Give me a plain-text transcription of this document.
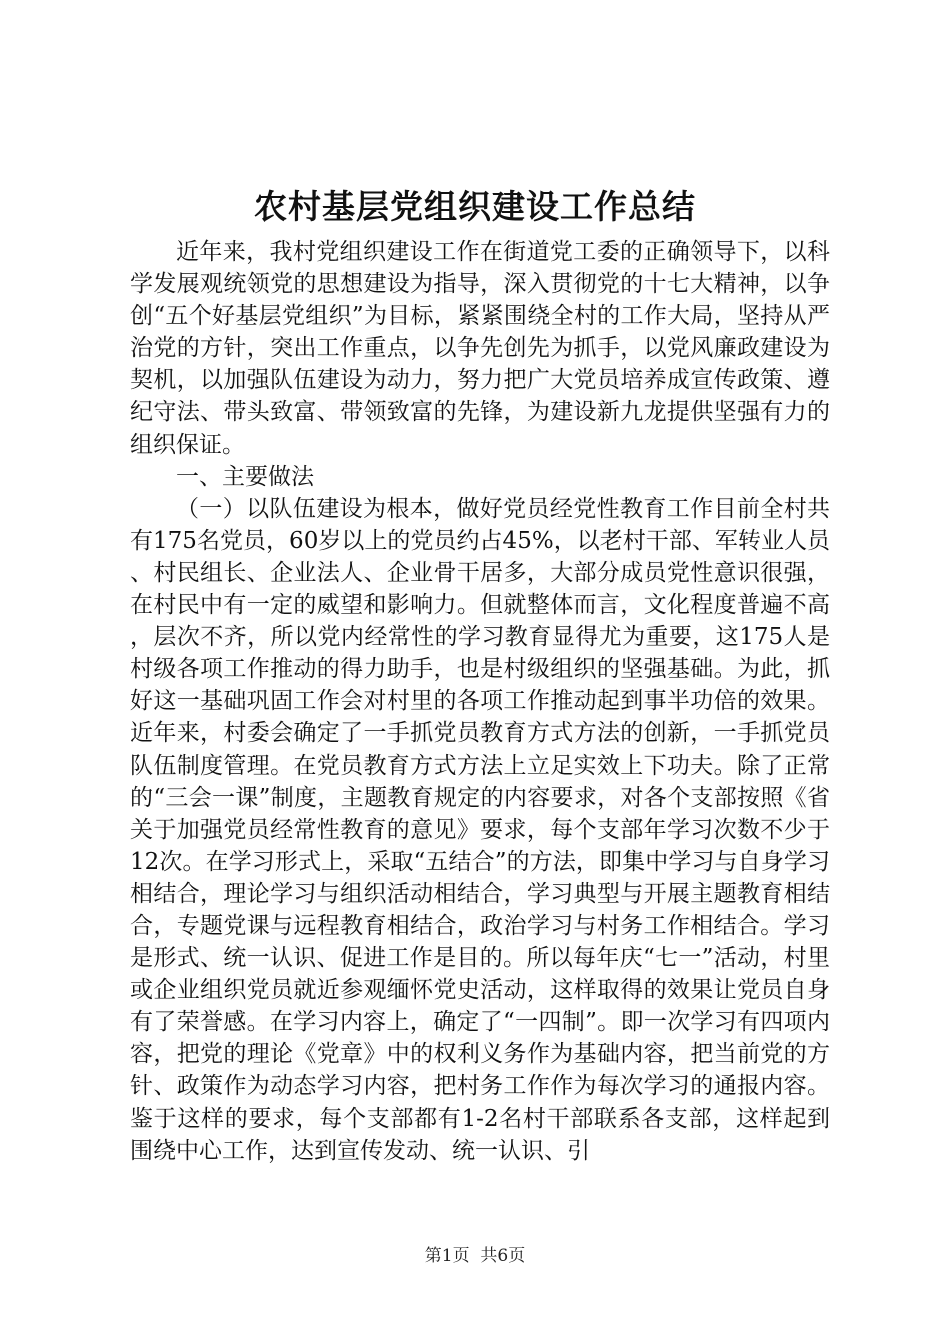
农村基层党组织建设工作总结

近年来，我村党组织建设工作在街道党工委的正确领导下，以科学发展观统领党的思想建设为指导，深入贯彻党的十七大精神，以争创“五个好基层党组织”为目标，紧紧围绕全村的工作大局，坚持从严治党的方针，突出工作重点，以争先创先为抓手，以党风廉政建设为契机，以加强队伍建设为动力，努力把广大党员培养成宣传政策、遵纪守法、带头致富、带领致富的先锋，为建设新九龙提供坚强有力的组织保证。

一、主要做法

（一）以队伍建设为根本，做好党员经党性教育工作目前全村共有175名党员，60岁以上的党员约占45%，以老村干部、军转业人员、村民组长、企业法人、企业骨干居多，大部分成员党性意识很强，在村民中有一定的威望和影响力。但就整体而言，文化程度普遍不高，层次不齐，所以党内经常性的学习教育显得尤为重要，这175人是村级各项工作推动的得力助手，也是村级组织的坚强基础。为此，抓好这一基础巩固工作会对村里的各项工作推动起到事半功倍的效果。近年来，村委会确定了一手抓党员教育方式方法的创新，一手抓党员队伍制度管理。在党员教育方式方法上立足实效上下功夫。除了正常的“三会一课”制度，主题教育规定的内容要求，对各个支部按照《省关于加强党员经常性教育的意见》要求，每个支部年学习次数不少于12次。在学习形式上，采取“五结合”的方法，即集中学习与自身学习相结合，理论学习与组织活动相结合，学习典型与开展主题教育相结合，专题党课与远程教育相结合，政治学习与村务工作相结合。学习是形式、统一认识、促进工作是目的。所以每年庆“七一”活动，村里或企业组织党员就近参观缅怀党史活动，这样取得的效果让党员自身有了荣誉感。在学习内容上，确定了“一四制”。即一次学习有四项内容，把党的理论《党章》中的权利义务作为基础内容，把当前党的方针、政策作为动态学习内容，把村务工作作为每次学习的通报内容。鉴于这样的要求，每个支部都有1-2名村干部联系各支部，这样起到围绕中心工作，达到宣传发动、统一认识、引

第1页 共6页
